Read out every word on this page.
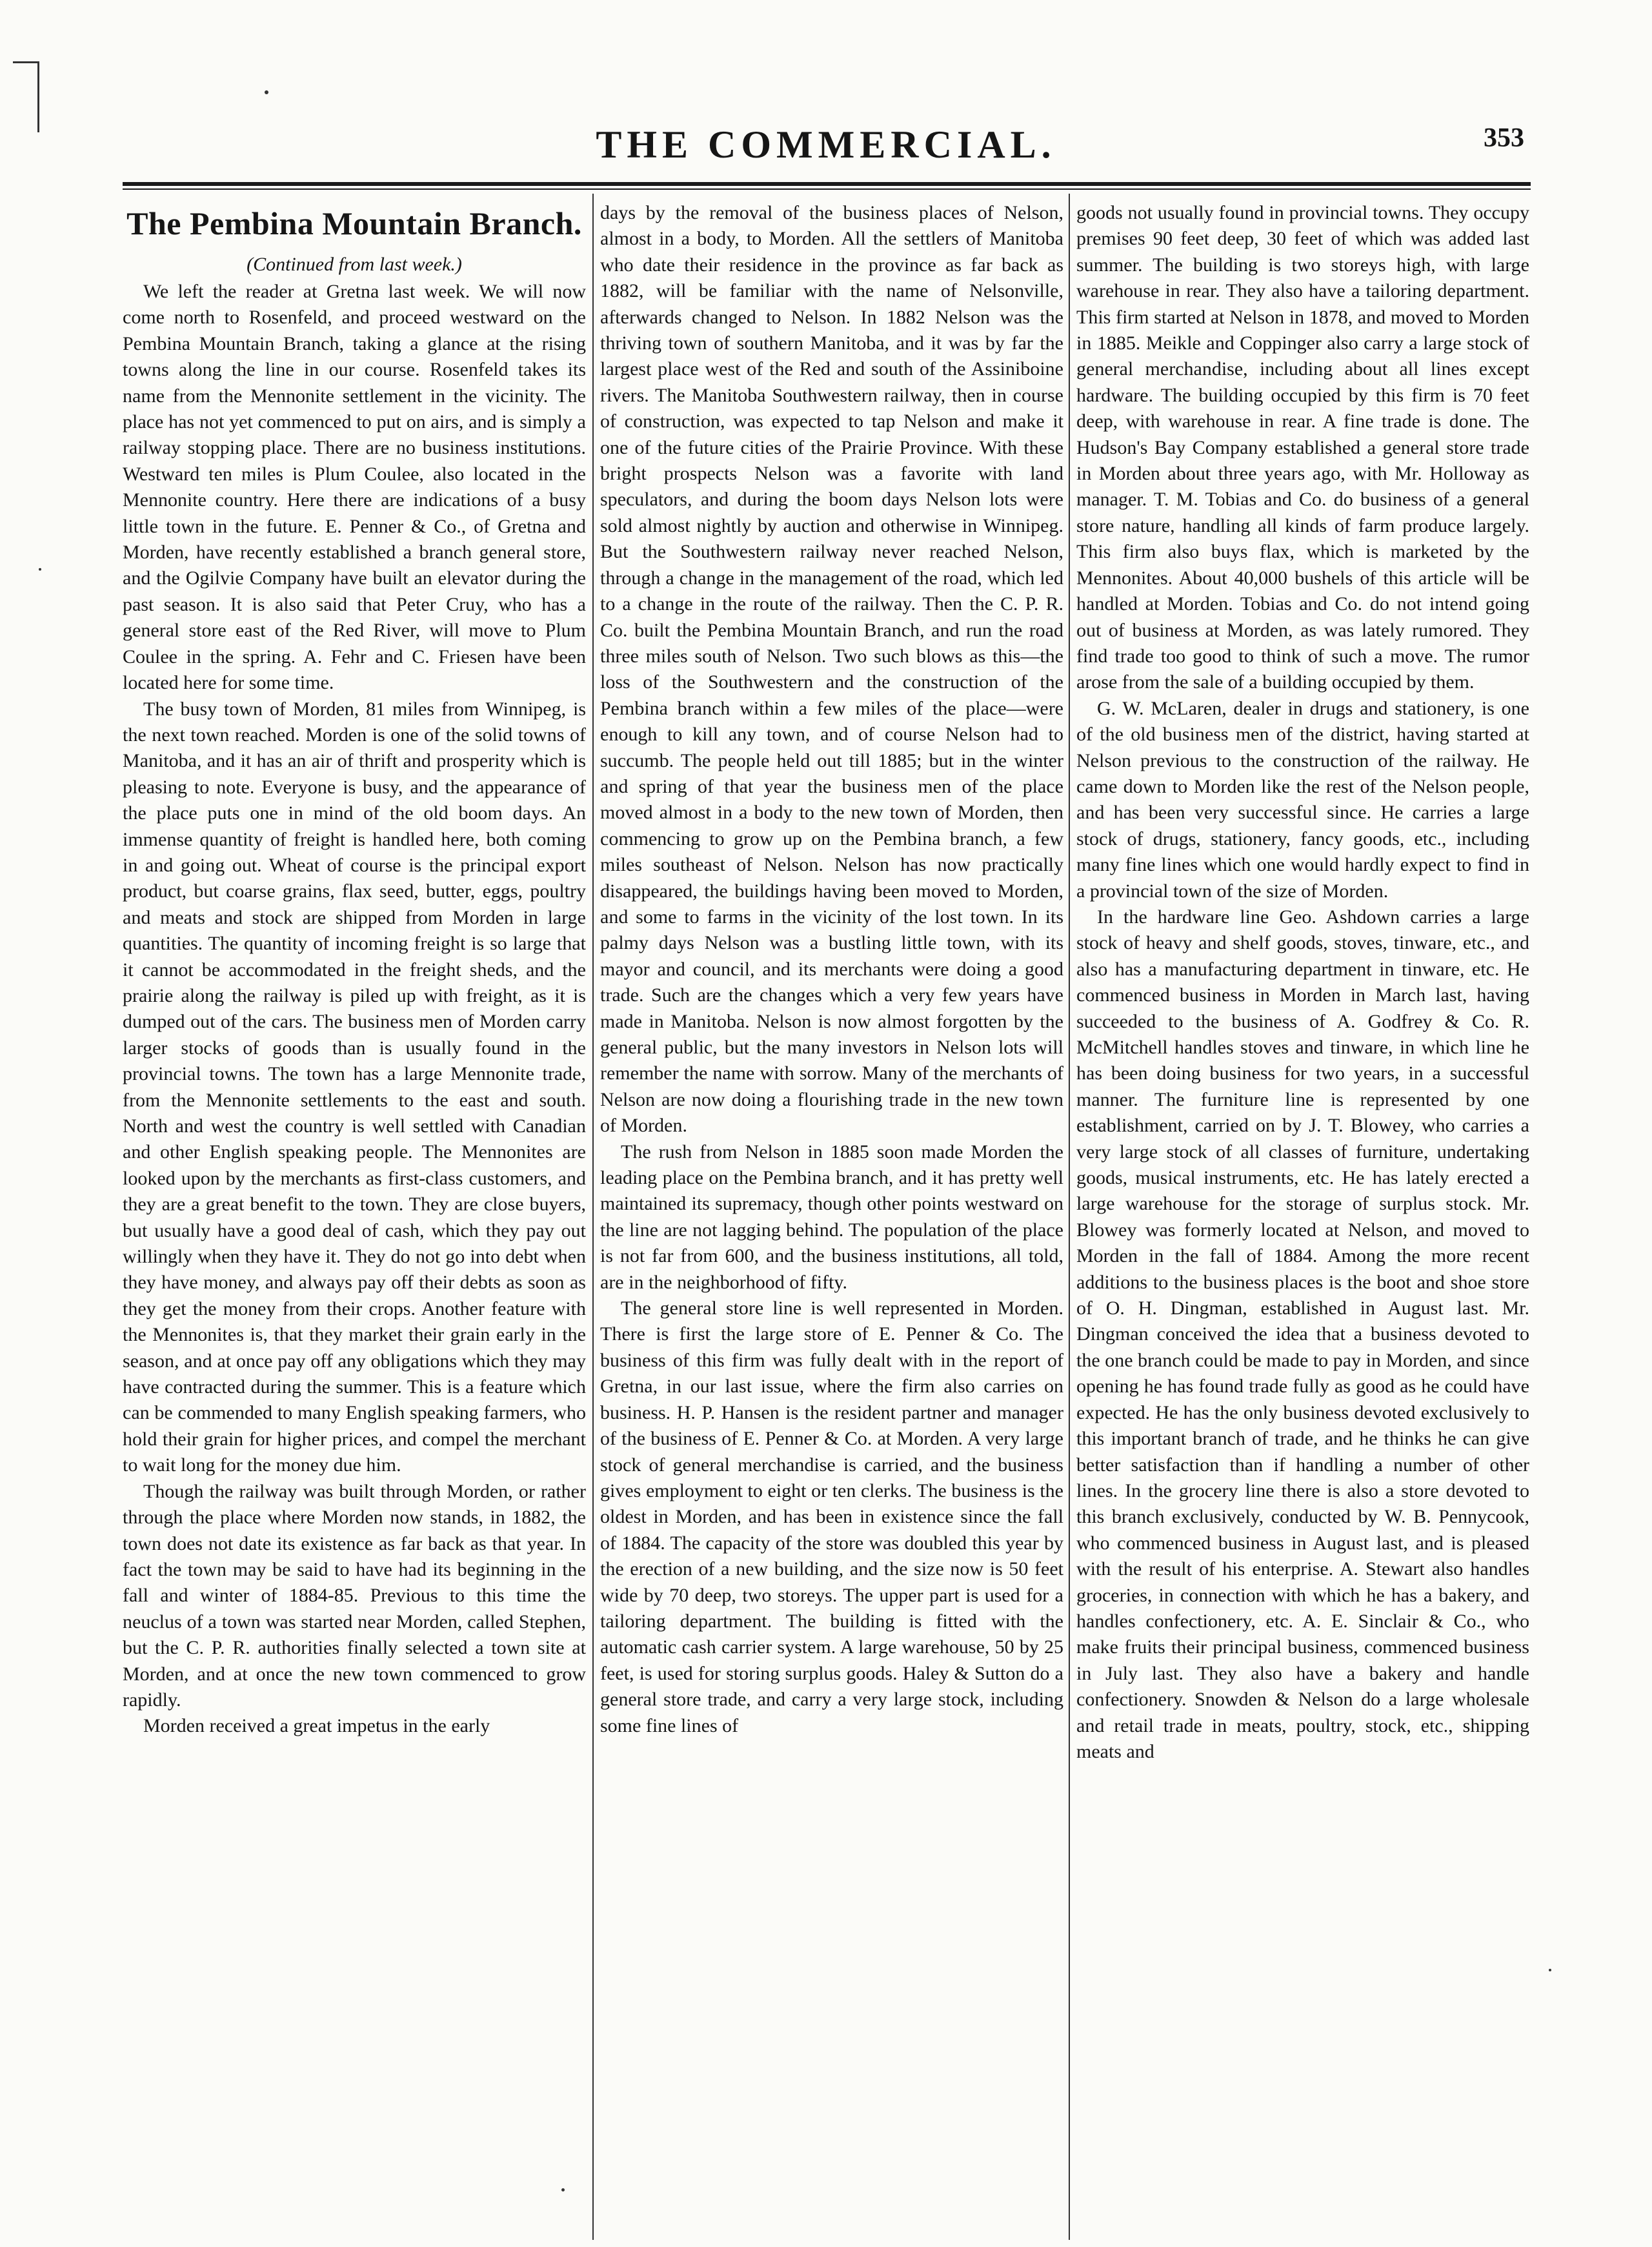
THE COMMERCIAL.	353
The Pembina Mountain Branch.
(Continued from last week.)

We left the reader at Gretna last week. We will now come north to Rosenfeld, and proceed westward on the Pembina Mountain Branch, taking a glance at the rising towns along the line in our course. Rosenfeld takes its name from the Mennonite settlement in the vicinity. The place has not yet commenced to put on airs, and is simply a railway stopping place. There are no business institutions. Westward ten miles is Plum Coulee, also located in the Mennonite country. Here there are indications of a busy little town in the future. E. Penner & Co., of Gretna and Morden, have recently established a branch general store, and the Ogilvie Company have built an elevator during the past season. It is also said that Peter Cruy, who has a general store east of the Red River, will move to Plum Coulee in the spring. A. Fehr and C. Friesen have been located here for some time.

The busy town of Morden, 81 miles from Winnipeg, is the next town reached. Morden is one of the solid towns of Manitoba, and it has an air of thrift and prosperity which is pleasing to note. Everyone is busy, and the appearance of the place puts one in mind of the old boom days. An immense quantity of freight is handled here, both coming in and going out. Wheat of course is the principal export product, but coarse grains, flax seed, butter, eggs, poultry and meats and stock are shipped from Morden in large quantities. The quantity of incoming freight is so large that it cannot be accommodated in the freight sheds, and the prairie along the railway is piled up with freight, as it is dumped out of the cars. The business men of Morden carry larger stocks of goods than is usually found in the provincial towns. The town has a large Mennonite trade, from the Mennonite settlements to the east and south. North and west the country is well settled with Canadian and other English speaking people. The Mennonites are looked upon by the merchants as first-class customers, and they are a great benefit to the town. They are close buyers, but usually have a good deal of cash, which they pay out willingly when they have it. They do not go into debt when they have money, and always pay off their debts as soon as they get the money from their crops. Another feature with the Mennonites is, that they market their grain early in the season, and at once pay off any obligations which they may have contracted during the summer. This is a feature which can be commended to many English speaking farmers, who hold their grain for higher prices, and compel the merchant to wait long for the money due him.

Though the railway was built through Morden, or rather through the place where Morden now stands, in 1882, the town does not date its existence as far back as that year. In fact the town may be said to have had its beginning in the fall and winter of 1884-85. Previous to this time the neuclus of a town was started near Morden, called Stephen, but the C. P. R. authorities finally selected a town site at Morden, and at once the new town commenced to grow rapidly.

Morden received a great impetus in the early

days by the removal of the business places of Nelson, almost in a body, to Morden. All the settlers of Manitoba who date their residence in the province as far back as 1882, will be familiar with the name of Nelsonville, afterwards changed to Nelson. In 1882 Nelson was the thriving town of southern Manitoba, and it was by far the largest place west of the Red and south of the Assiniboine rivers. The Manitoba Southwestern railway, then in course of construction, was expected to tap Nelson and make it one of the future cities of the Prairie Province. With these bright prospects Nelson was a favorite with land speculators, and during the boom days Nelson lots were sold almost nightly by auction and otherwise in Winnipeg. But the Southwestern railway never reached Nelson, through a change in the management of the road, which led to a change in the route of the railway. Then the C. P. R. Co. built the Pembina Mountain Branch, and run the road three miles south of Nelson. Two such blows as this—the loss of the Southwestern and the construction of the Pembina branch within a few miles of the place—were enough to kill any town, and of course Nelson had to succumb. The people held out till 1885; but in the winter and spring of that year the business men of the place moved almost in a body to the new town of Morden, then commencing to grow up on the Pembina branch, a few miles southeast of Nelson. Nelson has now practically disappeared, the buildings having been moved to Morden, and some to farms in the vicinity of the lost town. In its palmy days Nelson was a bustling little town, with its mayor and council, and its merchants were doing a good trade. Such are the changes which a very few years have made in Manitoba. Nelson is now almost forgotten by the general public, but the many investors in Nelson lots will remember the name with sorrow. Many of the merchants of Nelson are now doing a flourishing trade in the new town of Morden.

The rush from Nelson in 1885 soon made Morden the leading place on the Pembina branch, and it has pretty well maintained its supremacy, though other points westward on the line are not lagging behind. The population of the place is not far from 600, and the business institutions, all told, are in the neighborhood of fifty.

The general store line is well represented in Morden. There is first the large store of E. Penner & Co. The business of this firm was fully dealt with in the report of Gretna, in our last issue, where the firm also carries on business. H. P. Hansen is the resident partner and manager of the business of E. Penner & Co. at Morden. A very large stock of general merchandise is carried, and the business gives employment to eight or ten clerks. The business is the oldest in Morden, and has been in existence since the fall of 1884. The capacity of the store was doubled this year by the erection of a new building, and the size now is 50 feet wide by 70 deep, two storeys. The upper part is used for a tailoring department. The building is fitted with the automatic cash carrier system. A large warehouse, 50 by 25 feet, is used for storing surplus goods. Haley & Sutton do a general store trade, and carry a very large stock, including some fine lines of

goods not usually found in provincial towns. They occupy premises 90 feet deep, 30 feet of which was added last summer. The building is two storeys high, with large warehouse in rear. They also have a tailoring department. This firm started at Nelson in 1878, and moved to Morden in 1885. Meikle and Coppinger also carry a large stock of general merchandise, including about all lines except hardware. The building occupied by this firm is 70 feet deep, with warehouse in rear. A fine trade is done. The Hudson's Bay Company established a general store trade in Morden about three years ago, with Mr. Holloway as manager. T. M. Tobias and Co. do business of a general store nature, handling all kinds of farm produce largely. This firm also buys flax, which is marketed by the Mennonites. About 40,000 bushels of this article will be handled at Morden. Tobias and Co. do not intend going out of business at Morden, as was lately rumored. They find trade too good to think of such a move. The rumor arose from the sale of a building occupied by them.

G. W. McLaren, dealer in drugs and stationery, is one of the old business men of the district, having started at Nelson previous to the construction of the railway. He came down to Morden like the rest of the Nelson people, and has been very successful since. He carries a large stock of drugs, stationery, fancy goods, etc., including many fine lines which one would hardly expect to find in a provincial town of the size of Morden.

In the hardware line Geo. Ashdown carries a large stock of heavy and shelf goods, stoves, tinware, etc., and also has a manufacturing department in tinware, etc. He commenced business in Morden in March last, having succeeded to the business of A. Godfrey & Co. R. McMitchell handles stoves and tinware, in which line he has been doing business for two years, in a successful manner. The furniture line is represented by one establishment, carried on by J. T. Blowey, who carries a very large stock of all classes of furniture, undertaking goods, musical instruments, etc. He has lately erected a large warehouse for the storage of surplus stock. Mr. Blowey was formerly located at Nelson, and moved to Morden in the fall of 1884. Among the more recent additions to the business places is the boot and shoe store of O. H. Dingman, established in August last. Mr. Dingman conceived the idea that a business devoted to the one branch could be made to pay in Morden, and since opening he has found trade fully as good as he could have expected. He has the only business devoted exclusively to this important branch of trade, and he thinks he can give better satisfaction than if handling a number of other lines. In the grocery line there is also a store devoted to this branch exclusively, conducted by W. B. Pennycook, who commenced business in August last, and is pleased with the result of his enterprise. A. Stewart also handles groceries, in connection with which he has a bakery, and handles confectionery, etc. A. E. Sinclair & Co., who make fruits their principal business, commenced business in July last. They also have a bakery and handle confectionery. Snowden & Nelson do a large wholesale and retail trade in meats, poultry, stock, etc., shipping meats and
